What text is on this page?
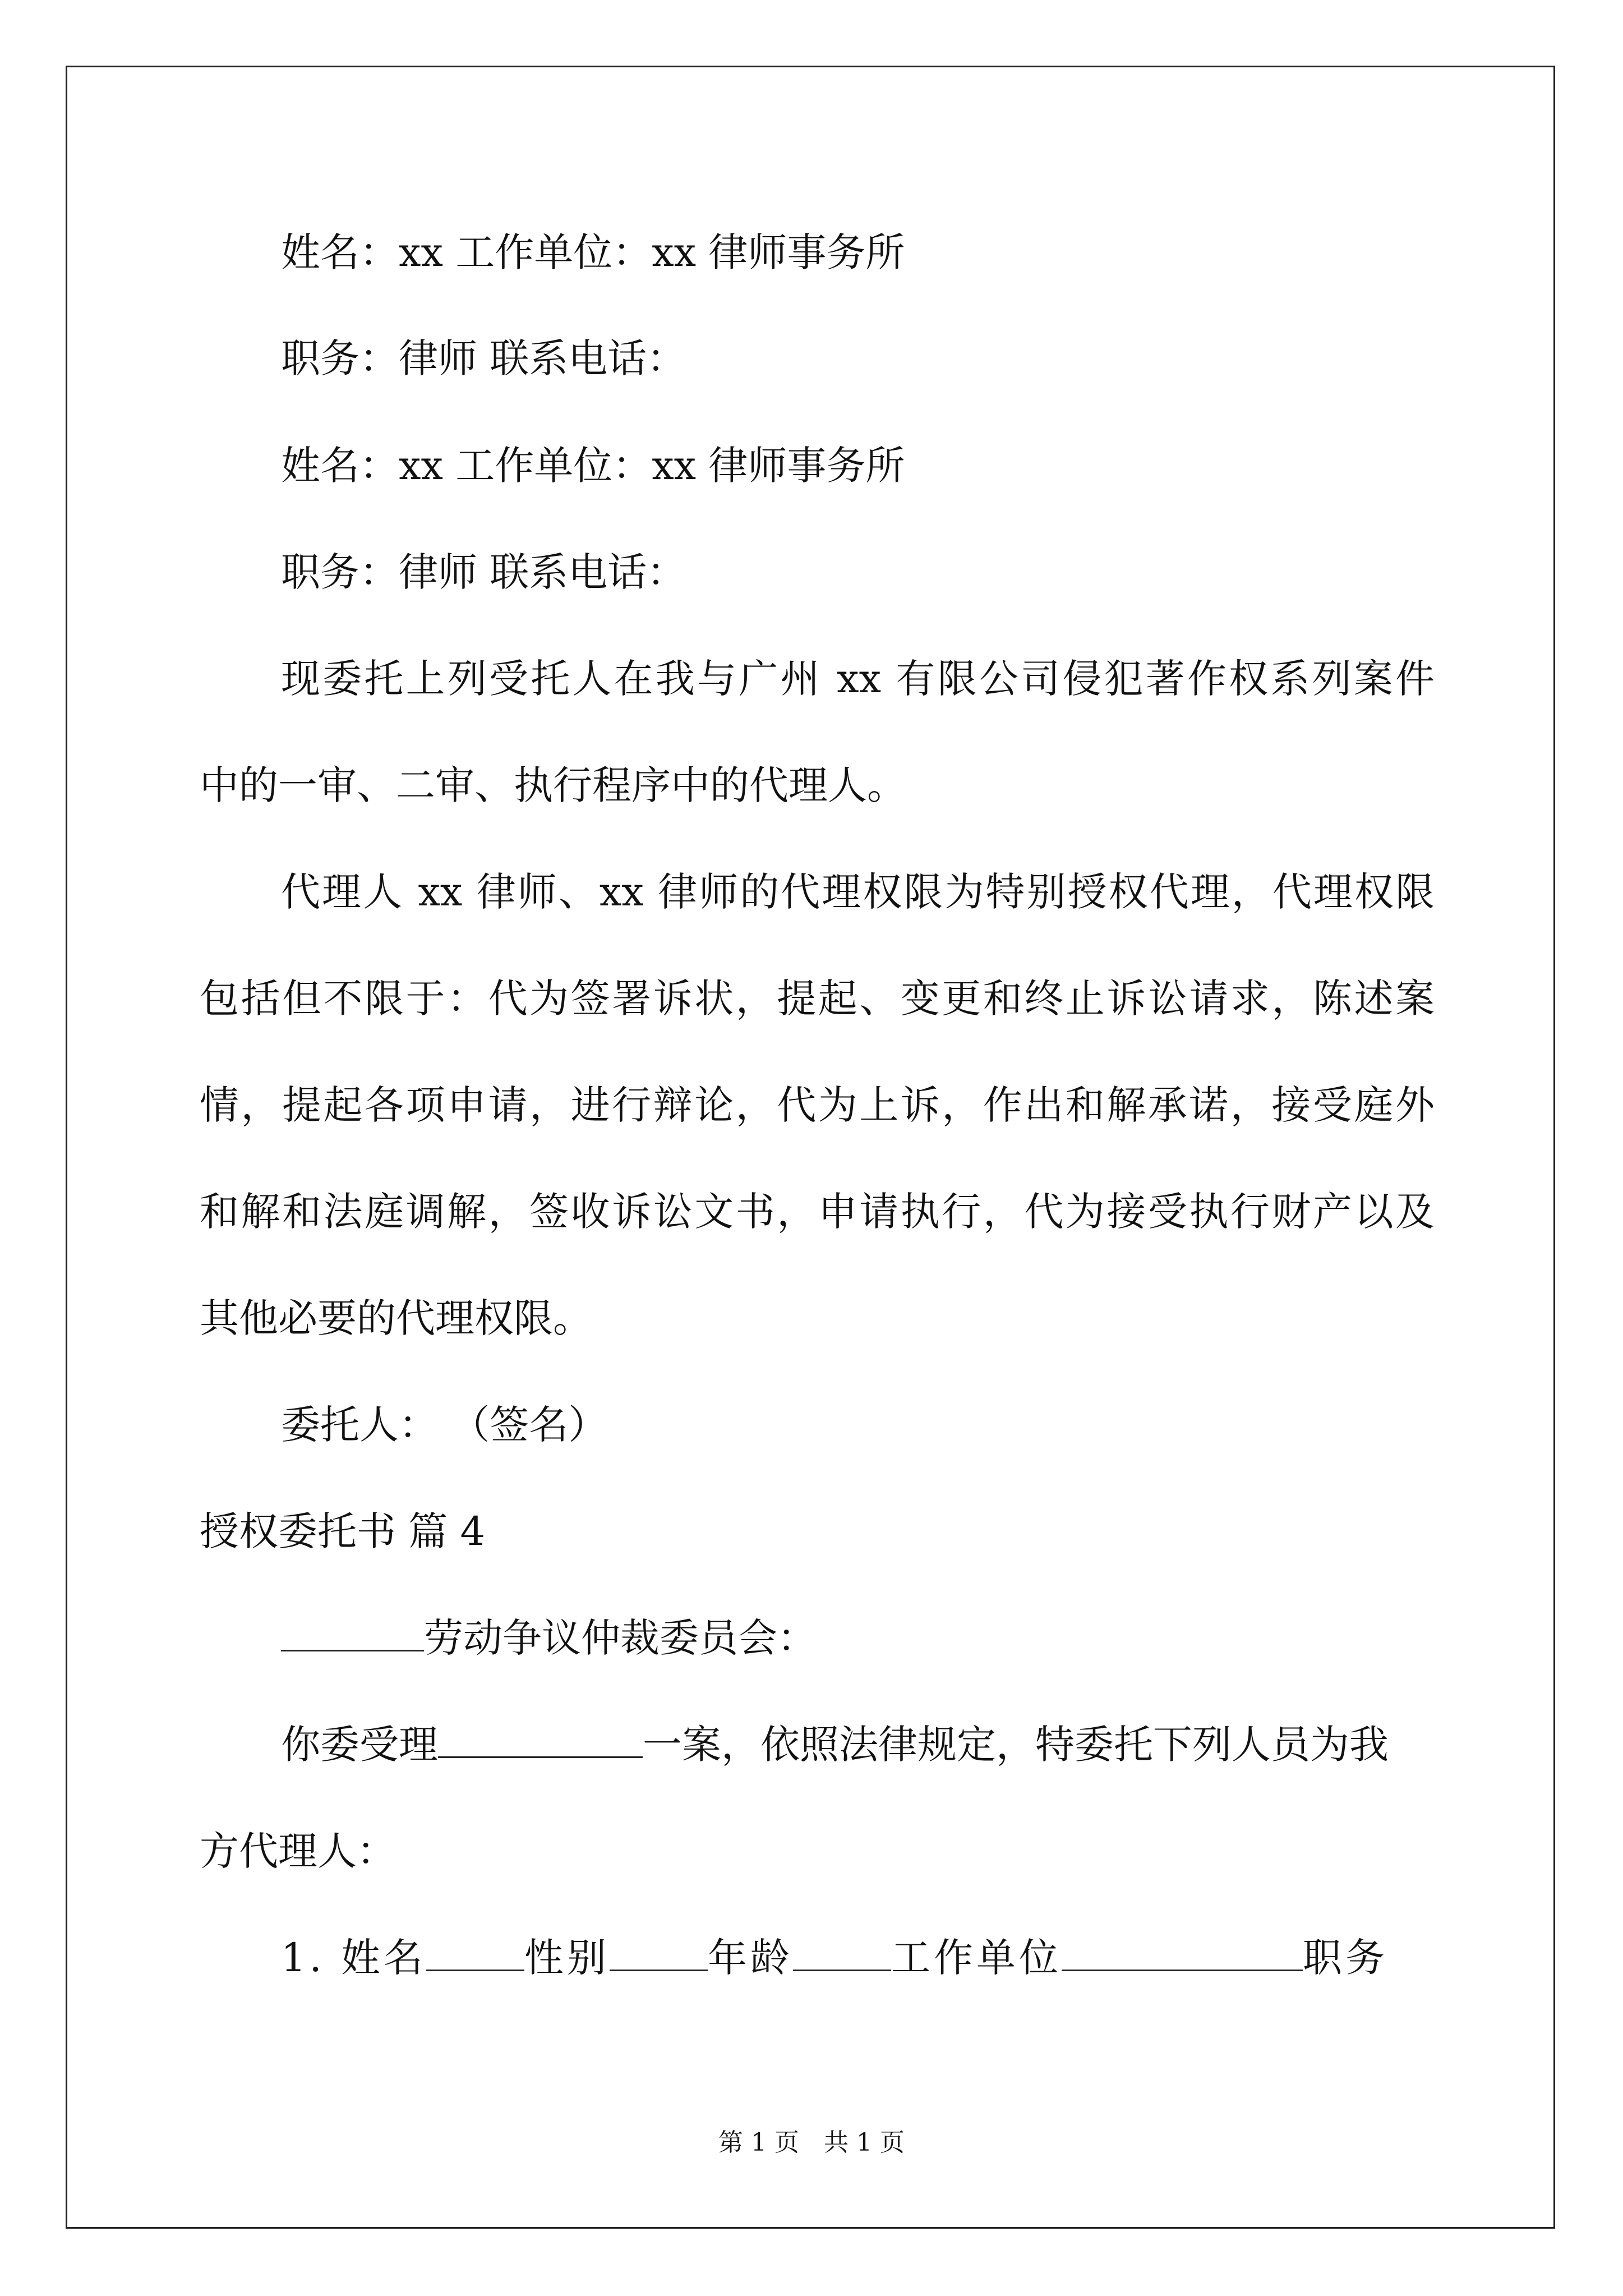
姓名：xx 工作单位：xx 律师事务所
职务：律师 联系电话：
姓名：xx 工作单位：xx 律师事务所
职务：律师 联系电话：
现委托上列受托人在我与广州 xx 有限公司侵犯著作权系列案件
中的一审、二审、执行程序中的代理人。
代理人 xx 律师、xx 律师的代理权限为特别授权代理，代理权限
包括但不限于：代为签署诉状，提起、变更和终止诉讼请求，陈述案
情，提起各项申请，进行辩论，代为上诉，作出和解承诺，接受庭外
和解和法庭调解，签收诉讼文书，申请执行，代为接受执行财产以及
其他必要的代理权限。
委托人： （签名）
授权委托书 篇 4
劳动争议仲裁委员会：
你委受理	一案，依照法律规定，特委托下列人员为我
方代理人：
1. 姓名	性别	年龄	工作单位	职务
第 1 页　共 1 页
